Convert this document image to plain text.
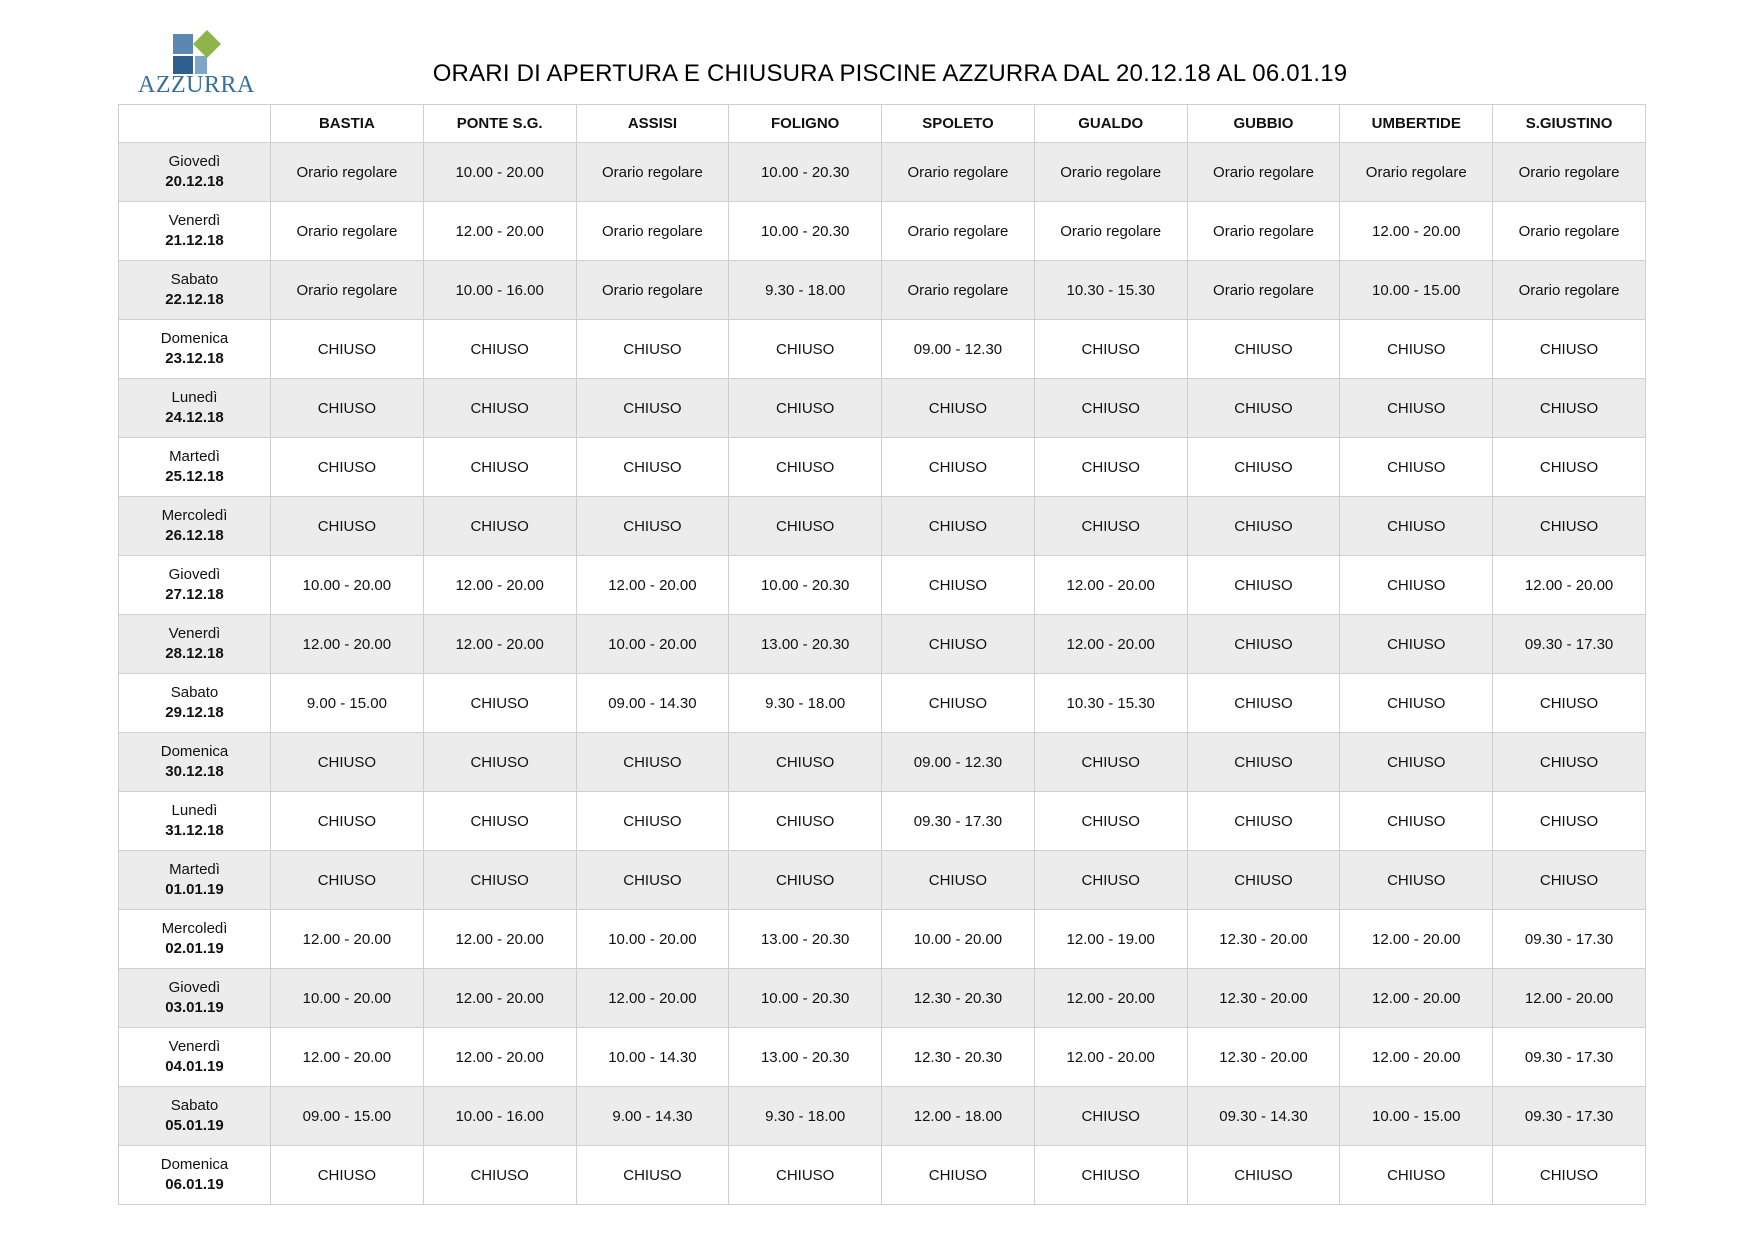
AZZURRA	ORARI DI APERTURA E CHIUSURA PISCINE AZZURRA DAL 20.12.18 AL 06.01.19
	BASTIA	PONTE S.G.	ASSISI	FOLIGNO	SPOLETO	GUALDO	GUBBIO	UMBERTIDE	S.GIUSTINO

Giovedì
20.12.18	Orario regolare	10.00 - 20.00	Orario regolare	10.00 - 20.30	Orario regolare	Orario regolare	Orario regolare	Orario regolare	Orario regolare

Venerdì
21.12.18	Orario regolare	12.00 - 20.00	Orario regolare	10.00 - 20.30	Orario regolare	Orario regolare	Orario regolare	12.00 - 20.00	Orario regolare

Sabato
22.12.18	Orario regolare	10.00 - 16.00	Orario regolare	9.30 - 18.00	Orario regolare	10.30 - 15.30	Orario regolare	10.00 - 15.00	Orario regolare

Domenica
23.12.18	CHIUSO	CHIUSO	CHIUSO	CHIUSO	09.00 - 12.30	CHIUSO	CHIUSO	CHIUSO	CHIUSO

Lunedì
24.12.18	CHIUSO	CHIUSO	CHIUSO	CHIUSO	CHIUSO	CHIUSO	CHIUSO	CHIUSO	CHIUSO

Martedì
25.12.18	CHIUSO	CHIUSO	CHIUSO	CHIUSO	CHIUSO	CHIUSO	CHIUSO	CHIUSO	CHIUSO

Mercoledì
26.12.18	CHIUSO	CHIUSO	CHIUSO	CHIUSO	CHIUSO	CHIUSO	CHIUSO	CHIUSO	CHIUSO

Giovedì
27.12.18	10.00 - 20.00	12.00 - 20.00	12.00 - 20.00	10.00 - 20.30	CHIUSO	12.00 - 20.00	CHIUSO	CHIUSO	12.00 - 20.00

Venerdì
28.12.18	12.00 - 20.00	12.00 - 20.00	10.00 - 20.00	13.00 - 20.30	CHIUSO	12.00 - 20.00	CHIUSO	CHIUSO	09.30 - 17.30

Sabato
29.12.18	9.00 - 15.00	CHIUSO	09.00 - 14.30	9.30 - 18.00	CHIUSO	10.30 - 15.30	CHIUSO	CHIUSO	CHIUSO

Domenica
30.12.18	CHIUSO	CHIUSO	CHIUSO	CHIUSO	09.00 - 12.30	CHIUSO	CHIUSO	CHIUSO	CHIUSO

Lunedì
31.12.18	CHIUSO	CHIUSO	CHIUSO	CHIUSO	09.30 - 17.30	CHIUSO	CHIUSO	CHIUSO	CHIUSO

Martedì
01.01.19	CHIUSO	CHIUSO	CHIUSO	CHIUSO	CHIUSO	CHIUSO	CHIUSO	CHIUSO	CHIUSO

Mercoledì
02.01.19	12.00 - 20.00	12.00 - 20.00	10.00 - 20.00	13.00 - 20.30	10.00 - 20.00	12.00 - 19.00	12.30 - 20.00	12.00 - 20.00	09.30 - 17.30

Giovedì
03.01.19	10.00 - 20.00	12.00 - 20.00	12.00 - 20.00	10.00 - 20.30	12.30 - 20.30	12.00 - 20.00	12.30 - 20.00	12.00 - 20.00	12.00 - 20.00

Venerdì
04.01.19	12.00 - 20.00	12.00 - 20.00	10.00 - 14.30	13.00 - 20.30	12.30 - 20.30	12.00 - 20.00	12.30 - 20.00	12.00 - 20.00	09.30 - 17.30

Sabato
05.01.19	09.00 - 15.00	10.00 - 16.00	9.00 - 14.30	9.30 - 18.00	12.00 - 18.00	CHIUSO	09.30 - 14.30	10.00 - 15.00	09.30 - 17.30

Domenica
06.01.19	CHIUSO	CHIUSO	CHIUSO	CHIUSO	CHIUSO	CHIUSO	CHIUSO	CHIUSO	CHIUSO
